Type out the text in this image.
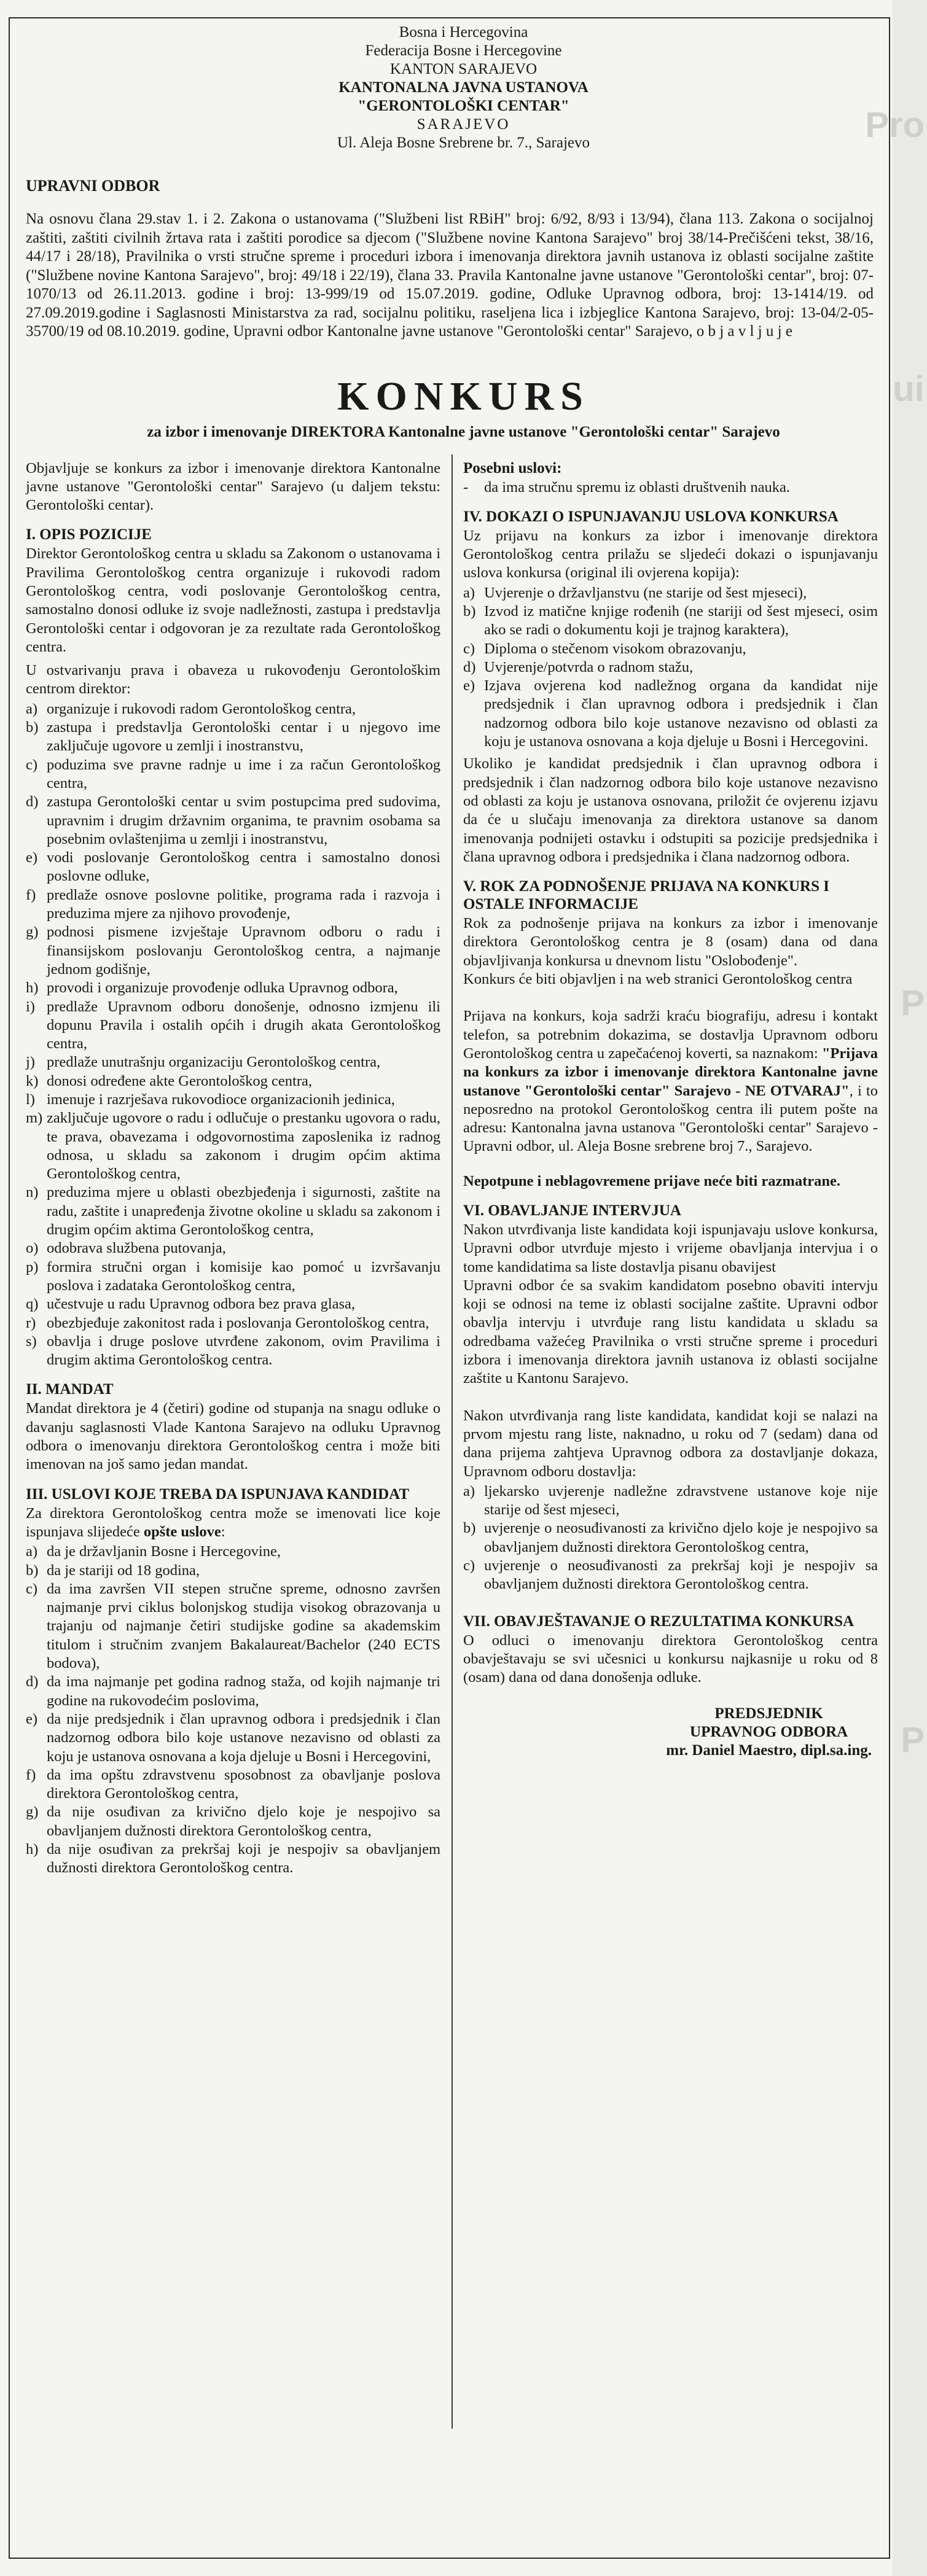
Pro
ui
P
P
Bosna i Hercegovina
Federacija Bosne i Hercegovine
KANTON SARAJEVO
KANTONALNA JAVNA USTANOVA
"GERONTOLOŠKI CENTAR"
SARAJEVO
Ul. Aleja Bosne Srebrene br. 7., Sarajevo
UPRAVNI ODBOR
Na osnovu člana 29.stav 1. i 2. Zakona o ustanovama ("Službeni list RBiH" broj: 6/92, 8/93 i 13/94), člana 113. Zakona o socijalnoj zaštiti, zaštiti civilnih žrtava rata i zaštiti porodice sa djecom ("Službene novine Kantona Sarajevo" broj 38/14-Prečišćeni tekst, 38/16, 44/17 i 28/18), Pravilnika o vrsti stručne spreme i proceduri izbora i imenovanja direktora javnih ustanova iz oblasti socijalne zaštite ("Službene novine Kantona Sarajevo", broj: 49/18 i 22/19), člana 33. Pravila Kantonalne javne ustanove "Gerontološki centar", broj: 07-1070/13 od 26.11.2013. godine i broj: 13-999/19 od 15.07.2019. godine, Odluke Upravnog odbora, broj: 13-1414/19. od 27.09.2019.godine i Saglasnosti Ministarstva za rad, socijalnu politiku, raseljena lica i izbjeglice Kantona Sarajevo, broj: 13-04/2-05-35700/19 od 08.10.2019. godine, Upravni odbor Kantonalne javne ustanove "Gerontološki centar" Sarajevo, o b j a v l j u j e
KONKURS
za izbor i imenovanje DIREKTORA Kantonalne javne ustanove "Gerontološki centar" Sarajevo

Objavljuje se konkurs za izbor i imenovanje direktora Kantonalne javne ustanove "Gerontološki centar" Sarajevo (u daljem tekstu: Gerontološki centar).

I. OPIS POZICIJE

Direktor Gerontološkog centra u skladu sa Zakonom o ustanovama i Pravilima Gerontološkog centra organizuje i rukovodi radom Gerontološkog centra, vodi poslovanje Gerontološkog centra, samostalno donosi odluke iz svoje nadležnosti, zastupa i predstavlja Gerontološki centar i odgovoran je za rezultate rada Gerontološkog centra.

U ostvarivanju prava i obaveza u rukovođenju Gerontološkim centrom direktor:

a) organizuje i rukovodi radom Gerontološkog centra,
b) zastupa i predstavlja Gerontološki centar i u njegovo ime zaključuje ugovore u zemlji i inostranstvu,
c) poduzima sve pravne radnje u ime i za račun Gerontološkog centra,
d) zastupa Gerontološki centar u svim postupcima pred sudovima, upravnim i drugim državnim organima, te pravnim osobama sa posebnim ovlaštenjima u zemlji i inostranstvu,
e) vodi poslovanje Gerontološkog centra i samostalno donosi poslovne odluke,
f) predlaže osnove poslovne politike, programa rada i razvoja i preduzima mjere za njihovo provođenje,
g) podnosi pismene izvještaje Upravnom odboru o radu i finansijskom poslovanju Gerontološkog centra, a najmanje jednom godišnje,
h) provodi i organizuje provođenje odluka Upravnog odbora,
i) predlaže Upravnom odboru donošenje, odnosno izmjenu ili dopunu Pravila i ostalih općih i drugih akata Gerontološkog centra,
j) predlaže unutrašnju organizaciju Gerontološkog centra,
k) donosi određene akte Gerontološkog centra,
l) imenuje i razrješava rukovodioce organizacionih jedinica,
m) zaključuje ugovore o radu i odlučuje o prestanku ugovora o radu, te prava, obavezama i odgovornostima zaposlenika iz radnog odnosa, u skladu sa zakonom i drugim općim aktima Gerontološkog centra,
n) preduzima mjere u oblasti obezbjeđenja i sigurnosti, zaštite na radu, zaštite i unapređenja životne okoline u skladu sa zakonom i drugim općim aktima Gerontološkog centra,
o) odobrava službena putovanja,
p) formira stručni organ i komisije kao pomoć u izvršavanju poslova i zadataka Gerontološkog centra,
q) učestvuje u radu Upravnog odbora bez prava glasa,
r) obezbjeđuje zakonitost rada i poslovanja Gerontološkog centra,
s) obavlja i druge poslove utvrđene zakonom, ovim Pravilima i drugim aktima Gerontološkog centra.
II. MANDAT

Mandat direktora je 4 (četiri) godine od stupanja na snagu odluke o davanju saglasnosti Vlade Kantona Sarajevo na odluku Upravnog odbora o imenovanju direktora Gerontološkog centra i može biti imenovan na još samo jedan mandat.

III. USLOVI KOJE TREBA DA ISPUNJAVA KANDIDAT

Za direktora Gerontološkog centra može se imenovati lice koje ispunjava slijedeće opšte uslove:

a) da je državljanin Bosne i Hercegovine,
b) da je stariji od 18 godina,
c) da ima završen VII stepen stručne spreme, odnosno završen najmanje prvi ciklus bolonjskog studija visokog obrazovanja u trajanju od najmanje četiri studijske godine sa akademskim titulom i stručnim zvanjem Bakalaureat/Bachelor (240 ECTS bodova),
d) da ima najmanje pet godina radnog staža, od kojih najmanje tri godine na rukovodećim poslovima,
e) da nije predsjednik i član upravnog odbora i predsjednik i član nadzornog odbora bilo koje ustanove nezavisno od oblasti za koju je ustanova osnovana a koja djeluje u Bosni i Hercegovini,
f) da ima opštu zdravstvenu sposobnost za obavljanje poslova direktora Gerontološkog centra,
g) da nije osuđivan za krivično djelo koje je nespojivo sa obavljanjem dužnosti direktora Gerontološkog centra,
h) da nije osuđivan za prekršaj koji je nespojiv sa obavljanjem dužnosti direktora Gerontološkog centra.
Posebni uslovi:
-	da ima stručnu spremu iz oblasti društvenih nauka.
IV. DOKAZI O ISPUNJAVANJU USLOVA KONKURSA

Uz prijavu na konkurs za izbor i imenovanje direktora Gerontološkog centra prilažu se sljedeći dokazi o ispunjavanju uslova konkursa (original ili ovjerena kopija):

a) Uvjerenje o državljanstvu (ne starije od šest mjeseci),
b) Izvod iz matične knjige rođenih (ne stariji od šest mjeseci, osim ako se radi o dokumentu koji je trajnog karaktera),
c) Diploma o stečenom visokom obrazovanju,
d) Uvjerenje/potvrda o radnom stažu,
e) Izjava ovjerena kod nadležnog organa da kandidat nije predsjednik i član upravnog odbora i predsjednik i član nadzornog odbora bilo koje ustanove nezavisno od oblasti za koju je ustanova osnovana a koja djeluje u Bosni i Hercegovini.

Ukoliko je kandidat predsjednik i član upravnog odbora i predsjednik i član nadzornog odbora bilo koje ustanove nezavisno od oblasti za koju je ustanova osnovana, priložit će ovjerenu izjavu da će u slučaju imenovanja za direktora ustanove sa danom imenovanja podnijeti ostavku i odstupiti sa pozicije predsjednika i člana upravnog odbora i predsjednika i člana nadzornog odbora.

V. ROK ZA PODNOŠENJE PRIJAVA NA KONKURS I OSTALE INFORMACIJE

Rok za podnošenje prijava na konkurs za izbor i imenovanje direktora Gerontološkog centra je 8 (osam) dana od dana objavljivanja konkursa u dnevnom listu "Oslobođenje".

Konkurs će biti objavljen i na web stranici Gerontološkog centra

Prijava na konkurs, koja sadrži kraću biografiju, adresu i kontakt telefon, sa potrebnim dokazima, se dostavlja Upravnom odboru Gerontološkog centra u zapečaćenoj koverti, sa naznakom: "Prijava na konkurs za izbor i imenovanje direktora Kantonalne javne ustanove "Gerontološki centar" Sarajevo - NE OTVARAJ", i to neposredno na protokol Gerontološkog centra ili putem pošte na adresu: Kantonalna javna ustanova "Gerontološki centar" Sarajevo - Upravni odbor, ul. Aleja Bosne srebrene broj 7., Sarajevo.

Nepotpune i neblagovremene prijave neće biti razmatrane.

VI. OBAVLJANJE INTERVJUA

Nakon utvrđivanja liste kandidata koji ispunjavaju uslove konkursa, Upravni odbor utvrđuje mjesto i vrijeme obavljanja intervjua i o tome kandidatima sa liste dostavlja pisanu obavijest

Upravni odbor će sa svakim kandidatom posebno obaviti intervju koji se odnosi na teme iz oblasti socijalne zaštite. Upravni odbor obavlja intervju i utvrđuje rang listu kandidata u skladu sa odredbama važećeg Pravilnika o vrsti stručne spreme i proceduri izbora i imenovanja direktora javnih ustanova iz oblasti socijalne zaštite u Kantonu Sarajevo.

Nakon utvrđivanja rang liste kandidata, kandidat koji se nalazi na prvom mjestu rang liste, naknadno, u roku od 7 (sedam) dana od dana prijema zahtjeva Upravnog odbora za dostavljanje dokaza, Upravnom odboru dostavlja:

a) ljekarsko uvjerenje nadležne zdravstvene ustanove koje nije starije od šest mjeseci,
b) uvjerenje o neosuđivanosti za krivično djelo koje je nespojivo sa obavljanjem dužnosti direktora Gerontološkog centra,
c) uvjerenje o neosuđivanosti za prekršaj koji je nespojiv sa obavljanjem dužnosti direktora Gerontološkog centra.
VII. OBAVJEŠTAVANJE O REZULTATIMA KONKURSA

O odluci o imenovanju direktora Gerontološkog centra obavještavaju se svi učesnici u konkursu najkasnije u roku od 8 (osam) dana od dana donošenja odluke.

PREDSJEDNIK
UPRAVNOG ODBORA
mr. Daniel Maestro, dipl.sa.ing.
